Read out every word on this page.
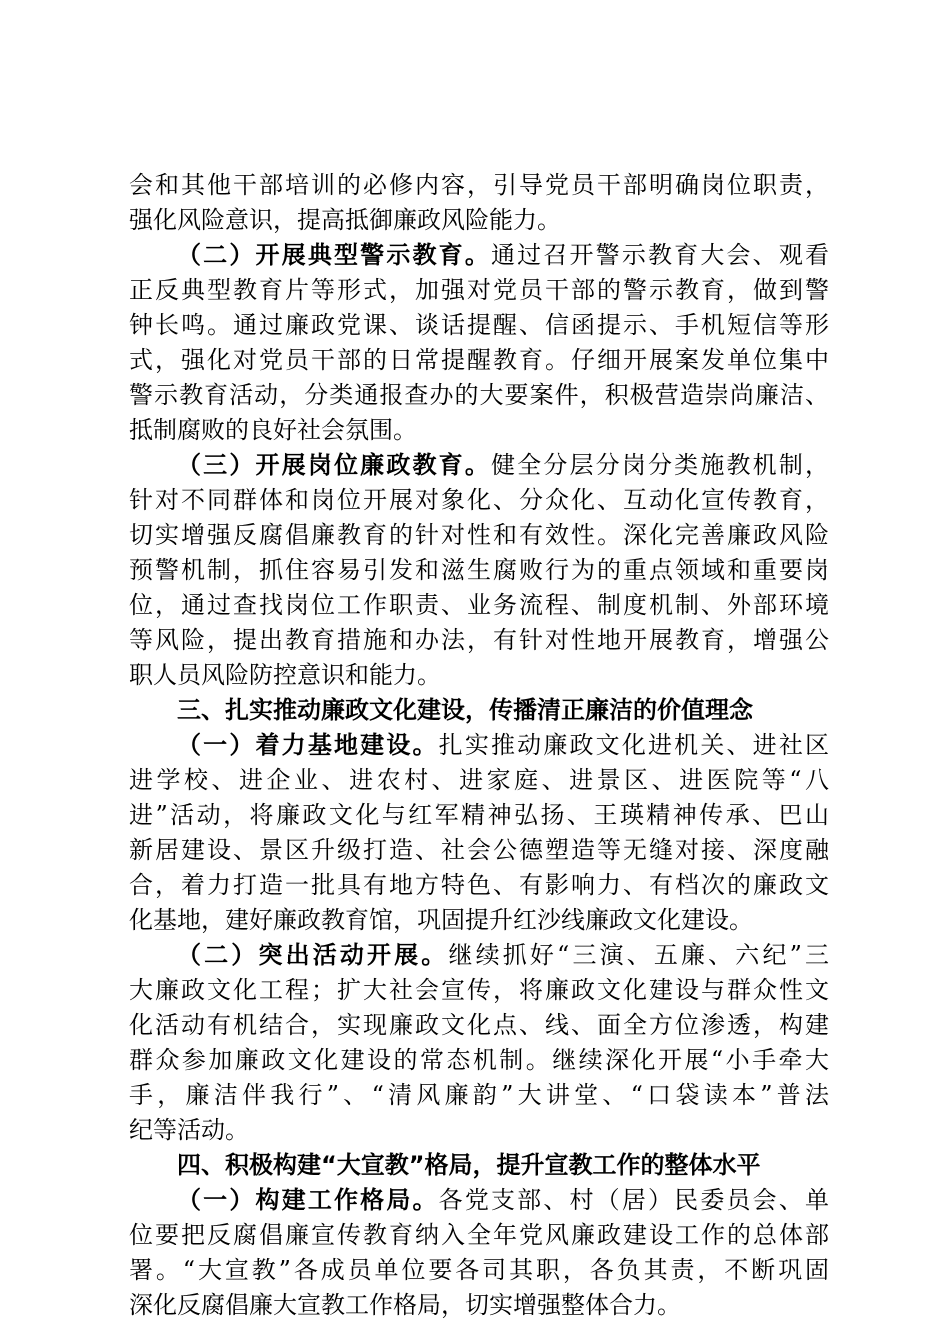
会和其他干部培训的必修内容，引导党员干部明确岗位职责，

强化风险意识，提高抵御廉政风险能力。

（二）开展典型警示教育。通过召开警示教育大会、观看

正反典型教育片等形式，加强对党员干部的警示教育，做到警

钟长鸣。通过廉政党课、谈话提醒、信函提示、手机短信等形

式，强化对党员干部的日常提醒教育。仔细开展案发单位集中

警示教育活动，分类通报查办的大要案件，积极营造崇尚廉洁、

抵制腐败的良好社会氛围。

（三）开展岗位廉政教育。健全分层分岗分类施教机制，

针对不同群体和岗位开展对象化、分众化、互动化宣传教育，

切实增强反腐倡廉教育的针对性和有效性。深化完善廉政风险

预警机制，抓住容易引发和滋生腐败行为的重点领域和重要岗

位，通过查找岗位工作职责、业务流程、制度机制、外部环境

等风险，提出教育措施和办法，有针对性地开展教育，增强公

职人员风险防控意识和能力。

三、扎实推动廉政文化建设，传播清正廉洁的价值理念

（一）着力基地建设。扎实推动廉政文化进机关、进社区

进学校、进企业、进农村、进家庭、进景区、进医院等“八

进”活动，将廉政文化与红军精神弘扬、王瑛精神传承、巴山

新居建设、景区升级打造、社会公德塑造等无缝对接、深度融

合，着力打造一批具有地方特色、有影响力、有档次的廉政文

化基地，建好廉政教育馆，巩固提升红沙线廉政文化建设。

（二）突出活动开展。继续抓好“三演、五廉、六纪”三

大廉政文化工程；扩大社会宣传，将廉政文化建设与群众性文

化活动有机结合，实现廉政文化点、线、面全方位渗透，构建

群众参加廉政文化建设的常态机制。继续深化开展“小手牵大

手，廉洁伴我行”、“清风廉韵”大讲堂、“口袋读本”普法

纪等活动。

四、积极构建“大宣教”格局，提升宣教工作的整体水平

（一）构建工作格局。各党支部、村（居）民委员会、单

位要把反腐倡廉宣传教育纳入全年党风廉政建设工作的总体部

署。“大宣教”各成员单位要各司其职，各负其责，不断巩固

深化反腐倡廉大宣教工作格局，切实增强整体合力。
